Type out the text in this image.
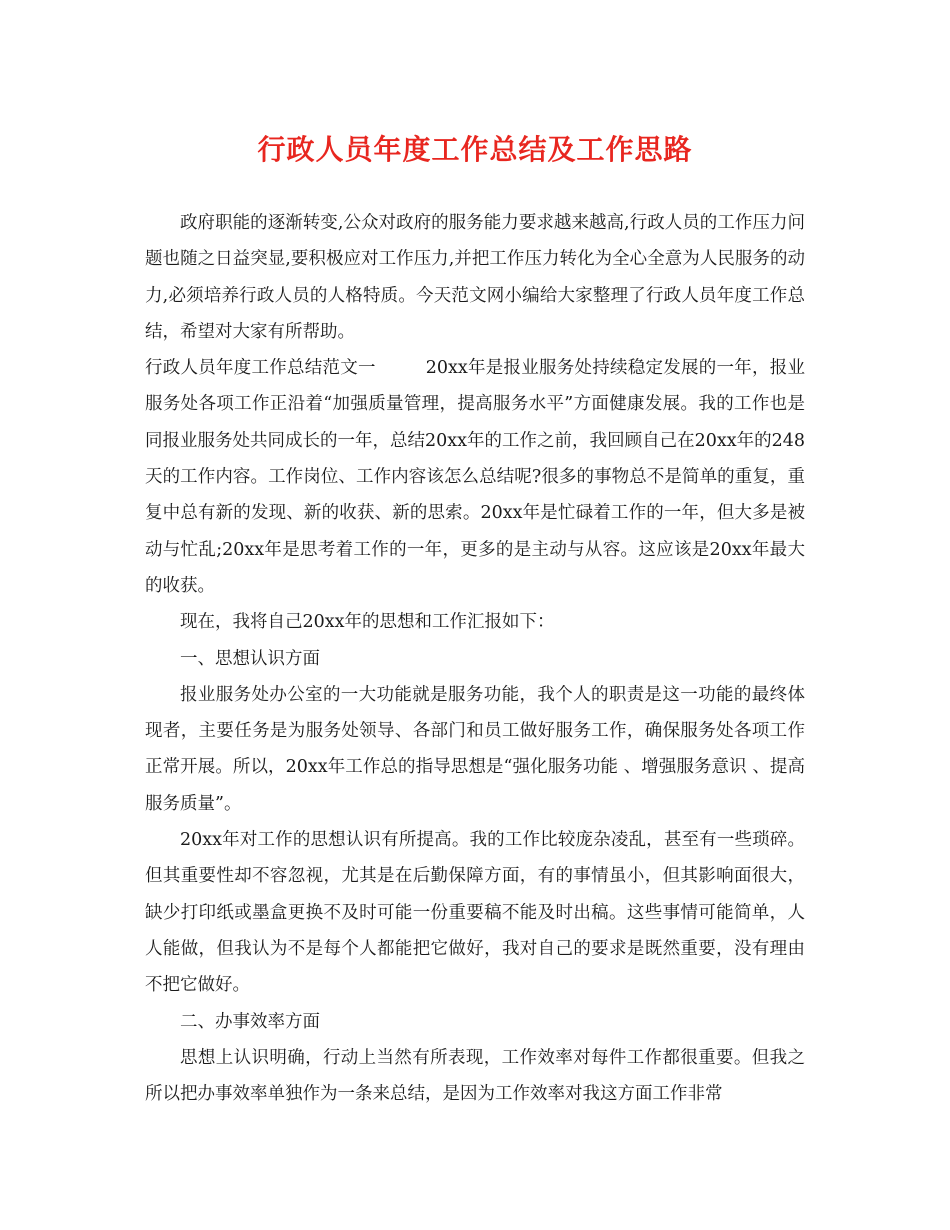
行政人员年度工作总结及工作思路

政府职能的逐渐转变,公众对政府的服务能力要求越来越高,行政人员的工作压力问题也随之日益突显,要积极应对工作压力,并把工作压力转化为全心全意为人民服务的动力,必须培养行政人员的人格特质。今天范文网小编给大家整理了行政人员年度工作总结，希望对大家有所帮助。

行政人员年度工作总结范文一	20xx年是报业服务处持续稳定发展的一年，报业服务处各项工作正沿着“加强质量管理，提高服务水平”方面健康发展。我的工作也是同报业服务处共同成长的一年，总结20xx年的工作之前，我回顾自己在20xx年的248天的工作内容。工作岗位、工作内容该怎么总结呢?很多的事物总不是简单的重复，重复中总有新的发现、新的收获、新的思索。20xx年是忙碌着工作的一年，但大多是被动与忙乱;20xx年是思考着工作的一年，更多的是主动与从容。这应该是20xx年最大的收获。

现在，我将自己20xx年的思想和工作汇报如下：

一、思想认识方面

报业服务处办公室的一大功能就是服务功能，我个人的职责是这一功能的最终体现者，主要任务是为服务处领导、各部门和员工做好服务工作，确保服务处各项工作正常开展。所以，20xx年工作总的指导思想是“强化服务功能 、增强服务意识 、提高服务质量”。

20xx年对工作的思想认识有所提高。我的工作比较庞杂凌乱，甚至有一些琐碎。但其重要性却不容忽视，尤其是在后勤保障方面，有的事情虽小，但其影响面很大，缺少打印纸或墨盒更换不及时可能一份重要稿不能及时出稿。这些事情可能简单，人人能做，但我认为不是每个人都能把它做好，我对自己的要求是既然重要，没有理由不把它做好。

二、办事效率方面

思想上认识明确，行动上当然有所表现，工作效率对每件工作都很重要。但我之所以把办事效率单独作为一条来总结，是因为工作效率对我这方面工作非常
